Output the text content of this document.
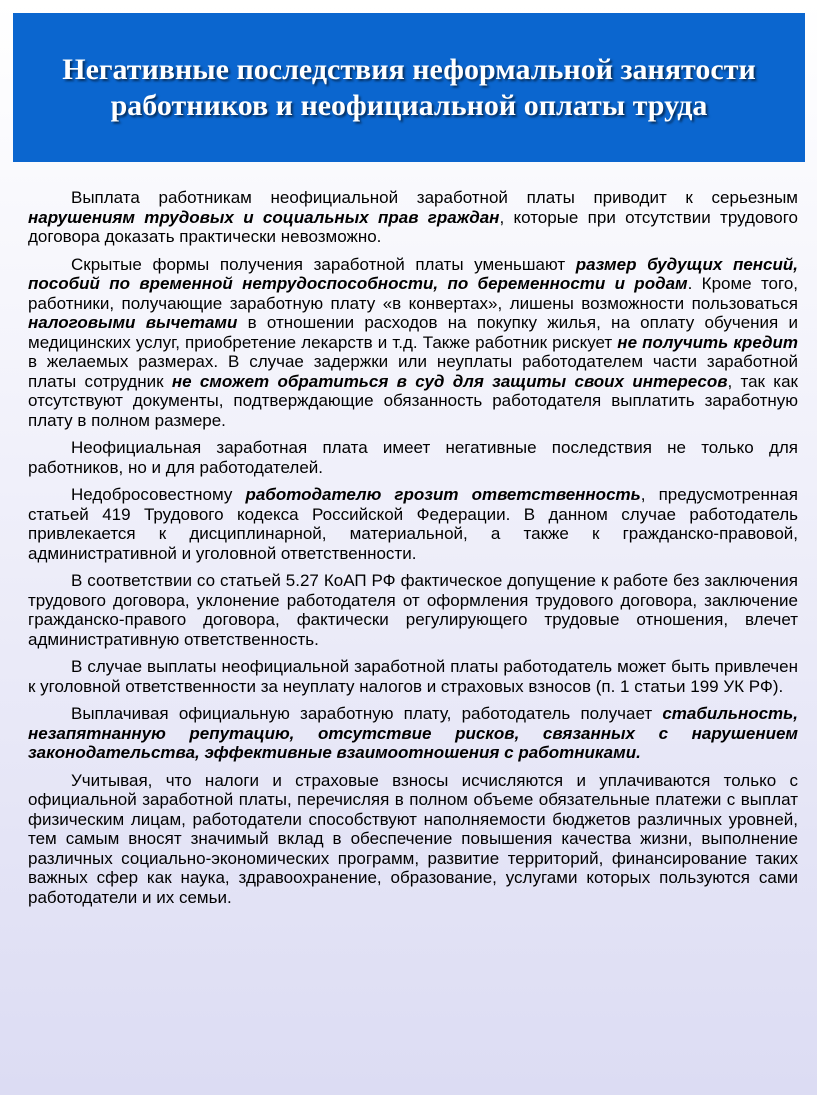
Негативные последствия неформальной занятости работников и неофициальной оплаты труда

Выплата работникам неофициальной заработной платы приводит к серьезным нарушениям трудовых и социальных прав граждан, которые при отсутствии трудового договора доказать практически невозможно.

Скрытые формы получения заработной платы уменьшают размер будущих пенсий, пособий по временной нетрудоспособности, по беременности и родам. Кроме того, работники, получающие заработную плату «в конвертах», лишены возможности пользоваться налоговыми вычетами в отношении расходов на покупку жилья, на оплату обучения и медицинских услуг, приобретение лекарств и т.д. Также работник рискует не получить кредит в желаемых размерах. В случае задержки или неуплаты работодателем части заработной платы сотрудник не сможет обратиться в суд для защиты своих интересов, так как отсутствуют документы, подтверждающие обязанность работодателя выплатить заработную плату в полном размере.

Неофициальная заработная плата имеет негативные последствия не только для работников, но и для работодателей.

Недобросовестному работодателю грозит ответственность, предусмотренная статьей 419 Трудового кодекса Российской Федерации. В данном случае работодатель привлекается к дисциплинарной, материальной, а также к гражданско-правовой, административной и уголовной ответственности.

В соответствии со статьей 5.27 КоАП РФ фактическое допущение к работе без заключения трудового договора, уклонение работодателя от оформления трудового договора, заключение гражданско-правого договора, фактически регулирующего трудовые отношения, влечет административную ответственность.

В случае выплаты неофициальной заработной платы работодатель может быть привлечен к уголовной ответственности за неуплату налогов и страховых взносов (п. 1 статьи 199 УК РФ).

Выплачивая официальную заработную плату, работодатель получает стабильность, незапятнанную репутацию, отсутствие рисков, связанных с нарушением законодательства, эффективные взаимоотношения с работниками.

Учитывая, что налоги и страховые взносы исчисляются и уплачиваются только с официальной заработной платы, перечисляя в полном объеме обязательные платежи с выплат физическим лицам, работодатели способствуют наполняемости бюджетов различных уровней, тем самым вносят значимый вклад в обеспечение повышения качества жизни, выполнение различных социально-экономических программ, развитие территорий, финансирование таких важных сфер как наука, здравоохранение, образование, услугами которых пользуются сами работодатели и их семьи.
